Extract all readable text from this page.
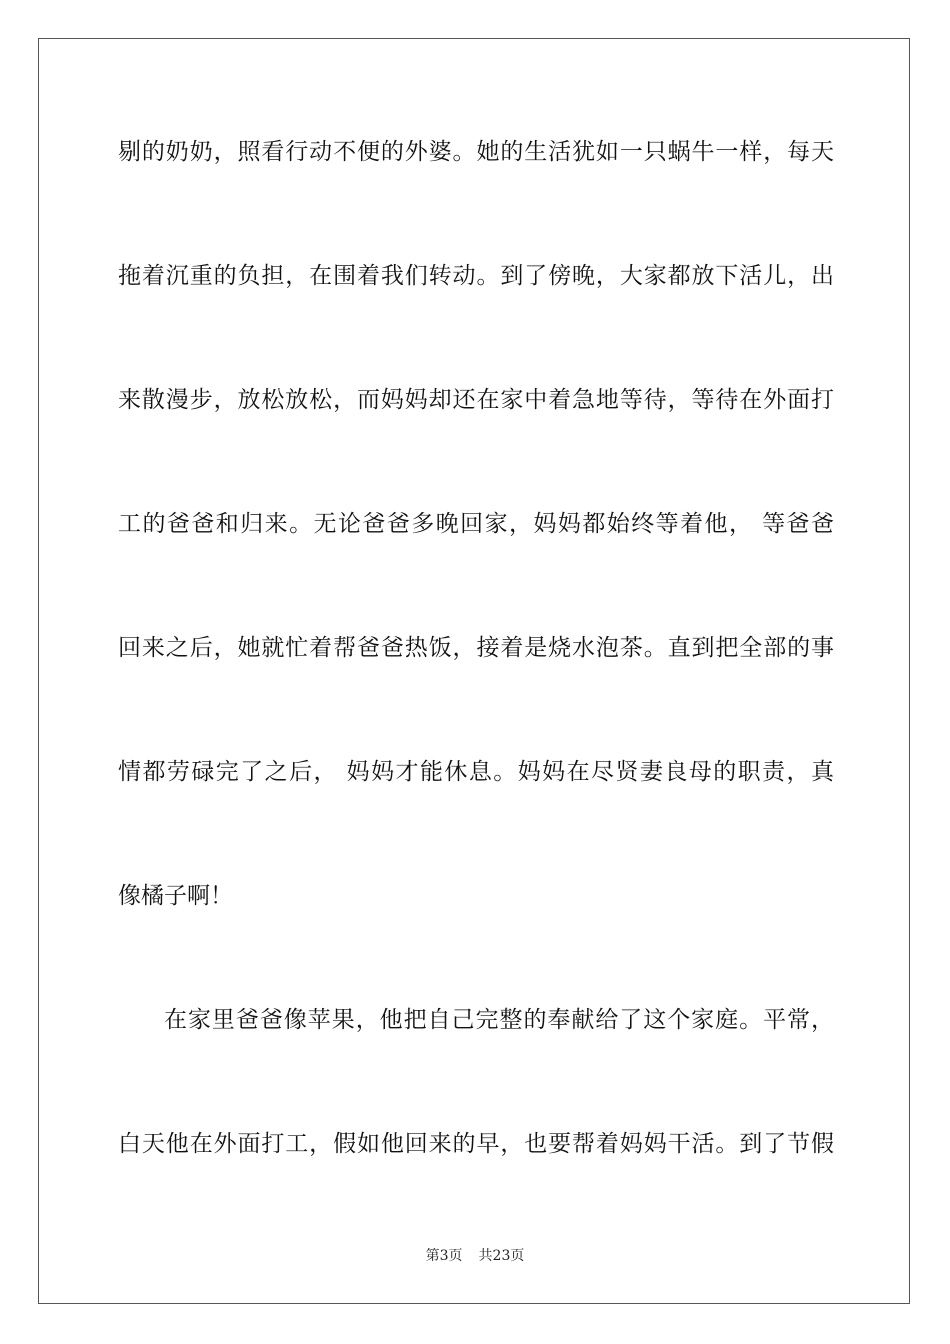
剔的奶奶，照看行动不便的外婆。她的生活犹如一只蜗牛一样，每天
拖着沉重的负担，在围着我们转动。到了傍晚，大家都放下活儿，出
来散漫步，放松放松，而妈妈却还在家中着急地等待，等待在外面打
工的爸爸和归来。无论爸爸多晚回家，妈妈都始终等着他， 等爸爸
回来之后，她就忙着帮爸爸热饭，接着是烧水泡茶。直到把全部的事
情都劳碌完了之后， 妈妈才能休息。妈妈在尽贤妻良母的职责，真
像橘子啊！
在家里爸爸像苹果，他把自己完整的奉献给了这个家庭。平常，
白天他在外面打工，假如他回来的早，也要帮着妈妈干活。到了节假
第3页 共23页
